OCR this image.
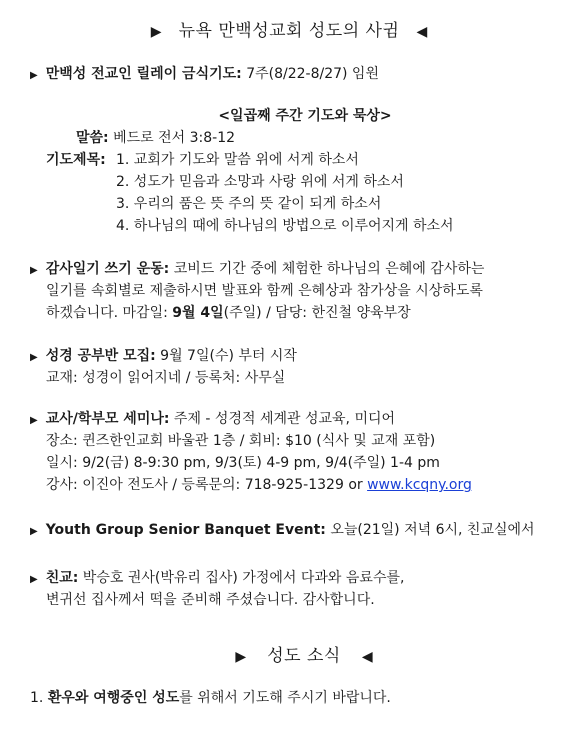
▶ 뉴욕 만백성교회 성도의 사귐 ◀
▶ 만백성 전교인 릴레이 금식기도: 7주(8/22-8/27) 임원
<일곱째 주간 기도와 묵상>
말씀: 베드로 전서 3:8-12
기도제목: 1. 교회가 기도와 말씀 위에 서게 하소서
2. 성도가 믿음과 소망과 사랑 위에 서게 하소서
3. 우리의 품은 뜻 주의 뜻 같이 되게 하소서
4. 하나님의 때에 하나님의 방법으로 이루어지게 하소서
▶ 감사일기 쓰기 운동: 코비드 기간 중에 체험한 하나님의 은혜에 감사하는
일기를 속회별로 제출하시면 발표와 함께 은혜상과 참가상을 시상하도록
하겠습니다. 마감일: 9월 4일(주일) / 담당: 한진철 양육부장
▶ 성경 공부반 모집: 9월 7일(수) 부터 시작
교재: 성경이 읽어지네 / 등록처: 사무실
▶ 교사/학부모 세미나: 주제 - 성경적 세계관 성교육, 미디어
장소: 퀸즈한인교회 바울관 1층 / 회비: $10 (식사 및 교재 포함)
일시: 9/2(금) 8-9:30 pm, 9/3(토) 4-9 pm, 9/4(주일) 1-4 pm
강사: 이진아 전도사 / 등록문의: 718-925-1329 or www.kcqny.org
▶ Youth Group Senior Banquet Event: 오늘(21일) 저녁 6시, 친교실에서
▶ 친교: 박승호 권사(박유리 집사) 가정에서 다과와 음료수를,
변귀선 집사께서 떡을 준비해 주셨습니다. 감사합니다.
▶ 성도 소식 ◀
1. 환우와 여행중인 성도를 위해서 기도해 주시기 바랍니다.
